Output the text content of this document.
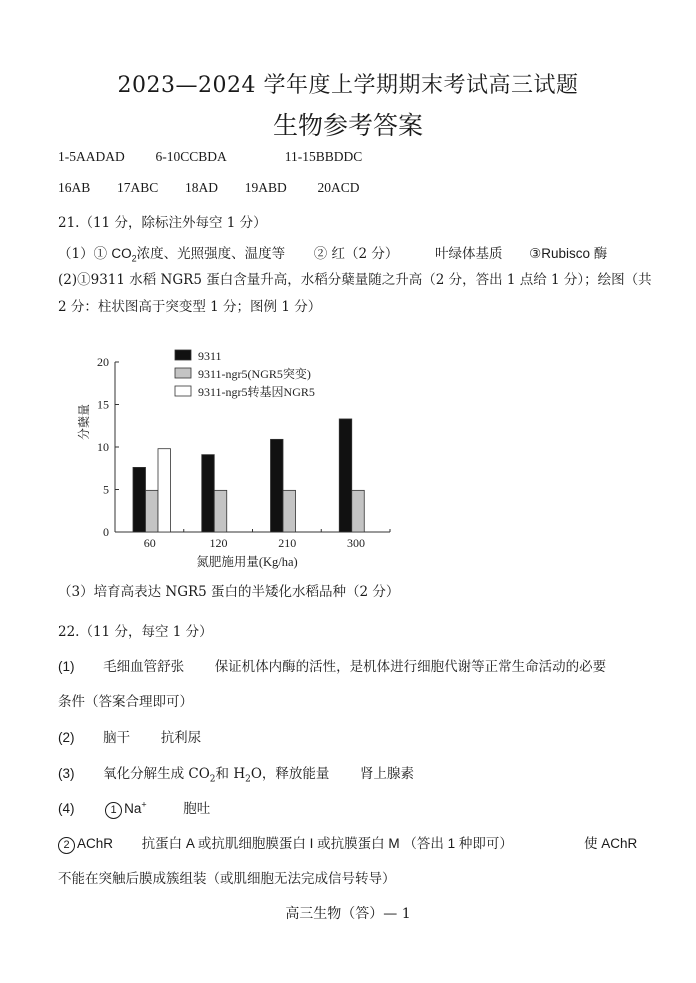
2023—2024 学年度上学期期末考试高三试题
生物参考答案
1-5AADAD 6-10CCBDA	11-15BBDDC
16AB 17ABC 18AD 19ABD 20ACD
21.（11 分，除标注外每空 1 分）
（1）① $CO_2$浓度、光照强度、温度等 ② 红（2 分）	叶绿体基质 ③Rubisco 酶
(2)①9311 水稻 NGR5 蛋白含量升高，水稻分蘖量随之升高（2 分，答出 1 点给 1 分）；绘图（共
2 分：柱状图高于突变型 1 分；图例 1 分）
0
5
10
15
20
分蘖量
60	120	210	300
氮肥施用量(Kg/ha)
9311
9311-ngr5(NGR5突变)
9311-ngr5转基因NGR5
（3）培育高表达 NGR5 蛋白的半矮化水稻品种（2 分）
22.（11 分，每空 1 分）
(1) 毛细血管舒张 保证机体内酶的活性，是机体进行细胞代谢等正常生命活动的必要
条件（答案合理即可）
(2) 脑干 抗利尿
(3) 氧化分解生成 $CO_2$和 $H_2O$，释放能量 肾上腺素
(4)	1 Na+	胞吐
2 AChR 抗蛋白 A 或抗肌细胞膜蛋白 I 或抗膜蛋白 M （答出 1 种即可）	使 AChR
不能在突触后膜成簇组装（或肌细胞无法完成信号转导）
高三生物（答）— 1
